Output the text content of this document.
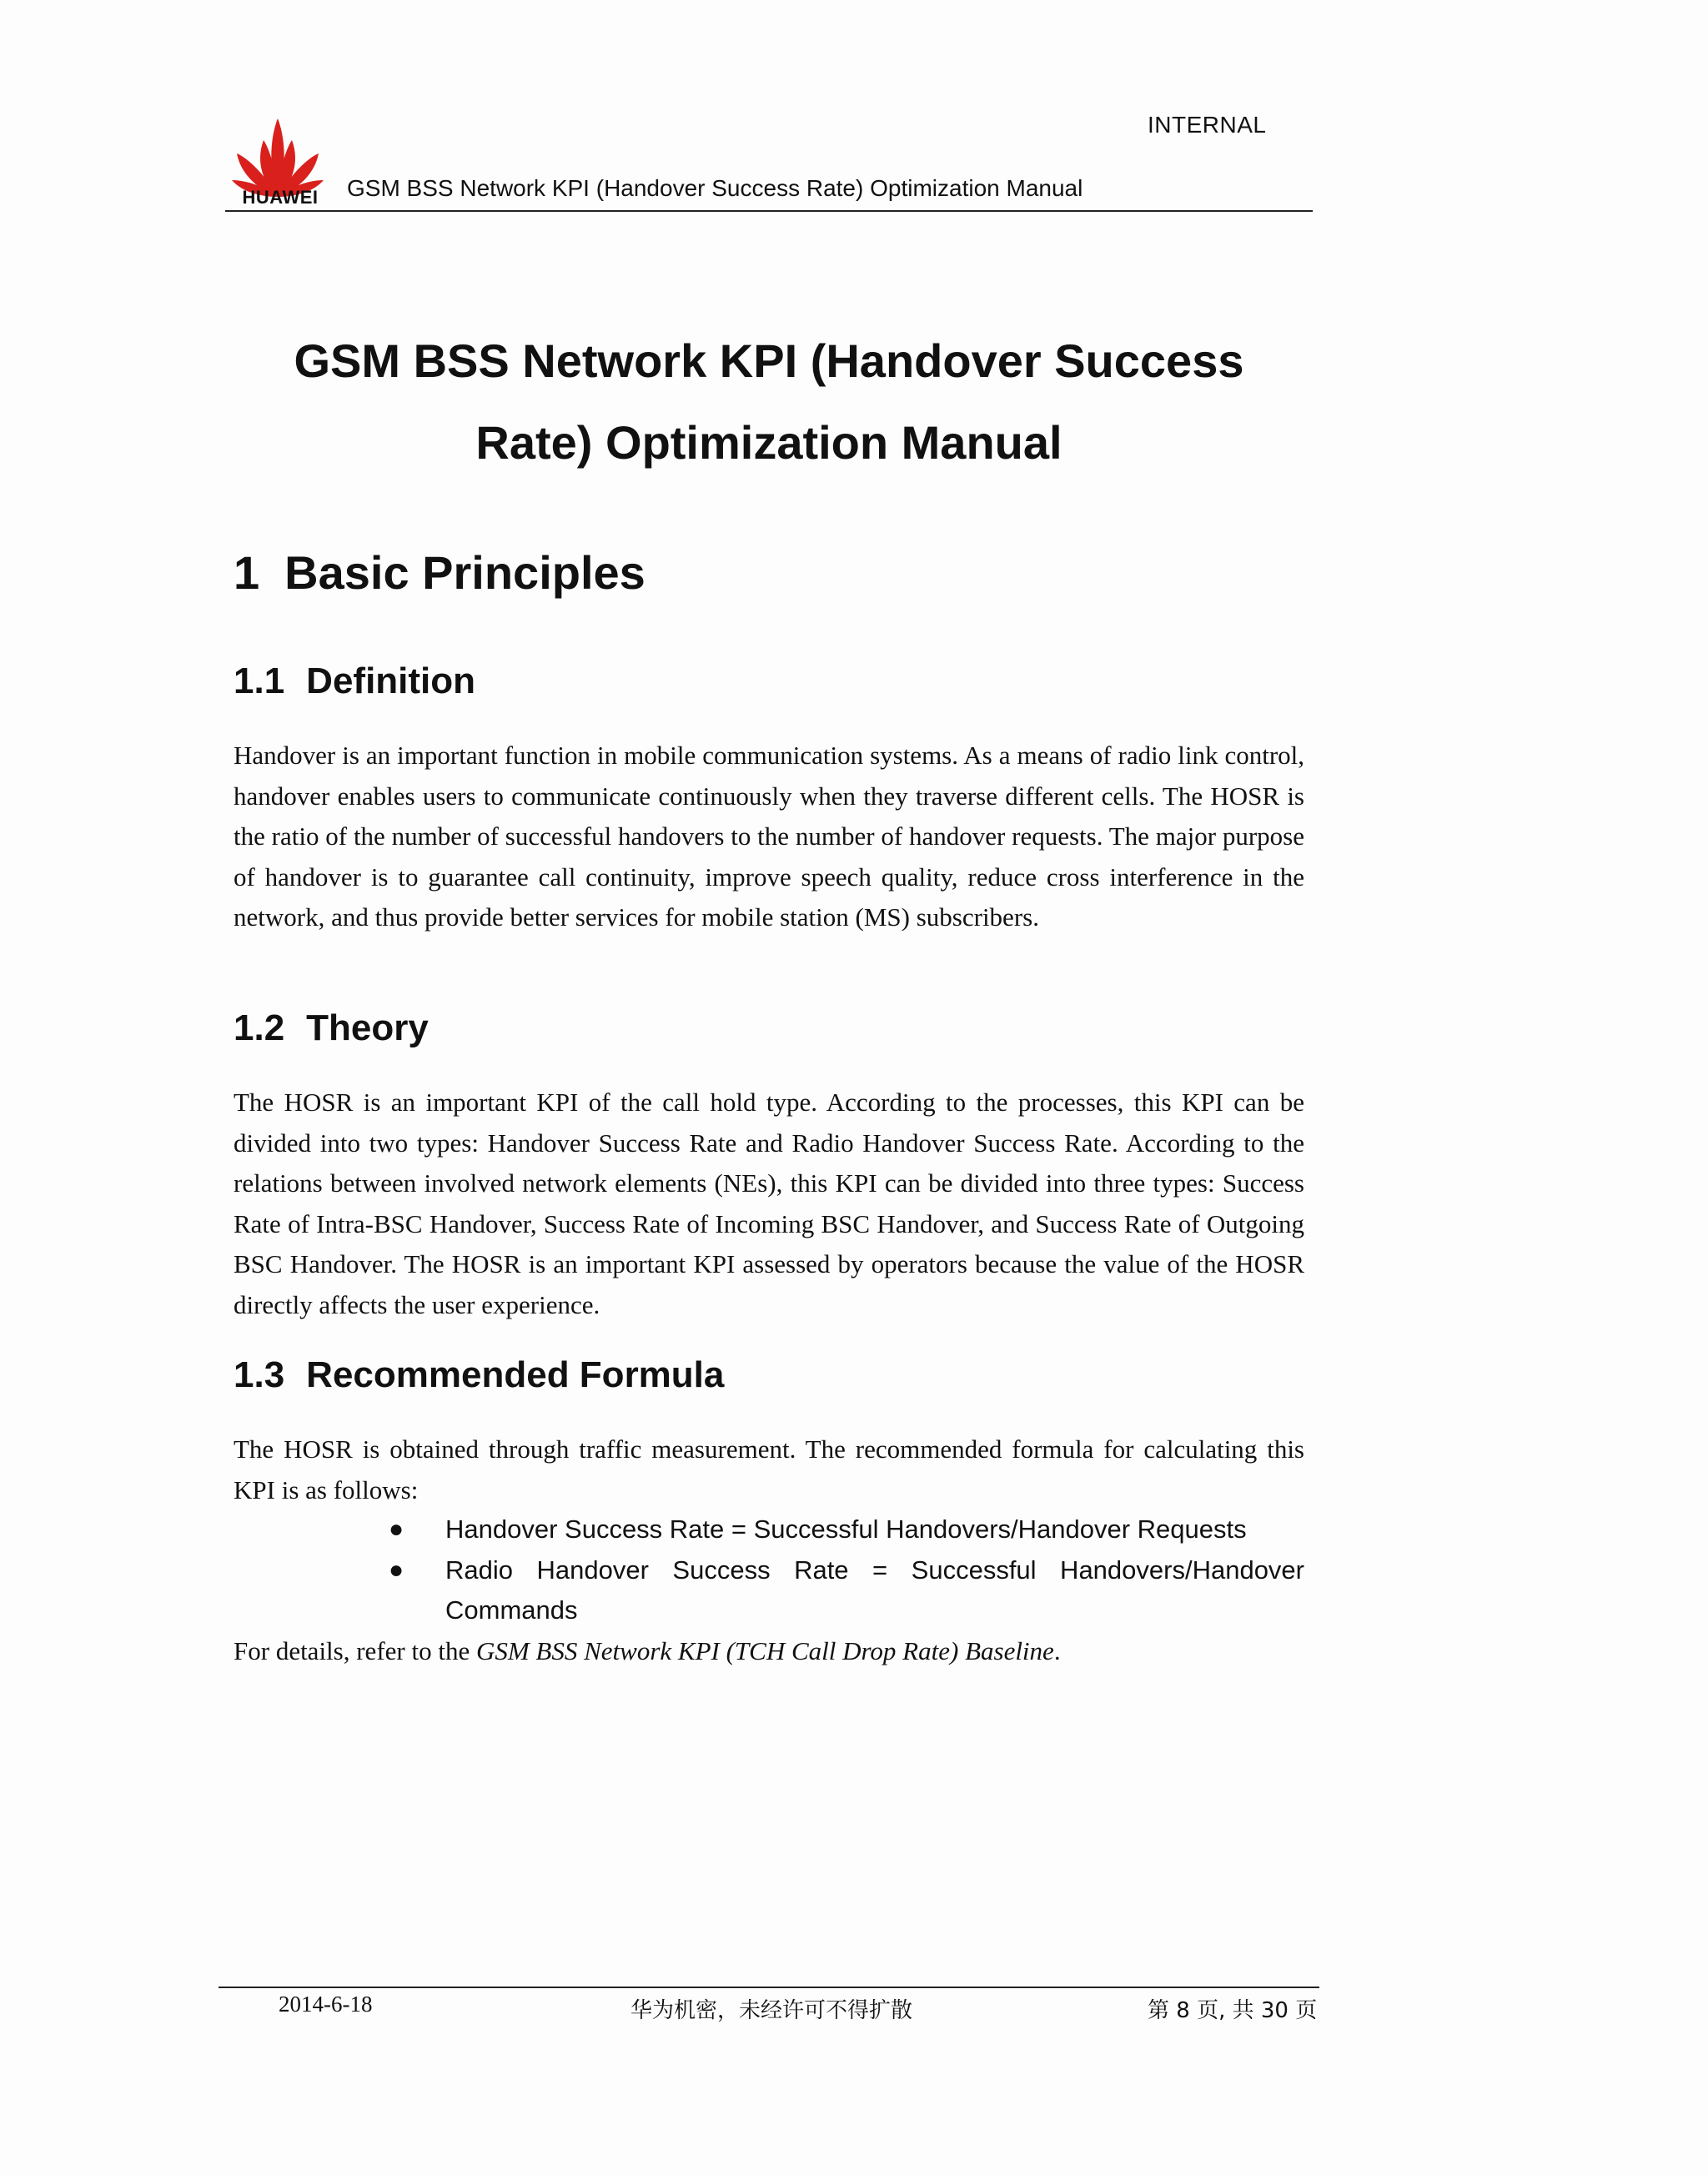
INTERNAL
HUAWEI	GSM BSS Network KPI (Handover Success Rate) Optimization Manual
GSM BSS Network KPI (Handover Success
Rate) Optimization Manual
1 Basic Principles
1.1 Definition

Handover is an important function in mobile communication systems. As a means of radio link control, handover enables users to communicate continuously when they traverse different cells. The HOSR is the ratio of the number of successful handovers to the number of handover requests. The major purpose of handover is to guarantee call continuity, improve speech quality, reduce cross interference in the network, and thus provide better services for mobile station (MS) subscribers.

1.2 Theory

The HOSR is an important KPI of the call hold type. According to the processes, this KPI can be divided into two types: Handover Success Rate and Radio Handover Success Rate. According to the relations between involved network elements (NEs), this KPI can be divided into three types: Success Rate of Intra-BSC Handover, Success Rate of Incoming BSC Handover, and Success Rate of Outgoing BSC Handover. The HOSR is an important KPI assessed by operators because the value of the HOSR directly affects the user experience.

1.3 Recommended Formula

The HOSR is obtained through traffic measurement. The recommended formula for calculating this KPI is as follows:

● Handover Success Rate = Successful Handovers/Handover Requests
● Radio Handover Success Rate = Successful Handovers/Handover
Commands

For details, refer to the GSM BSS Network KPI (TCH Call Drop Rate) Baseline.

2014-6-18	华为机密，未经许可不得扩散	第 8 页, 共 30 页
